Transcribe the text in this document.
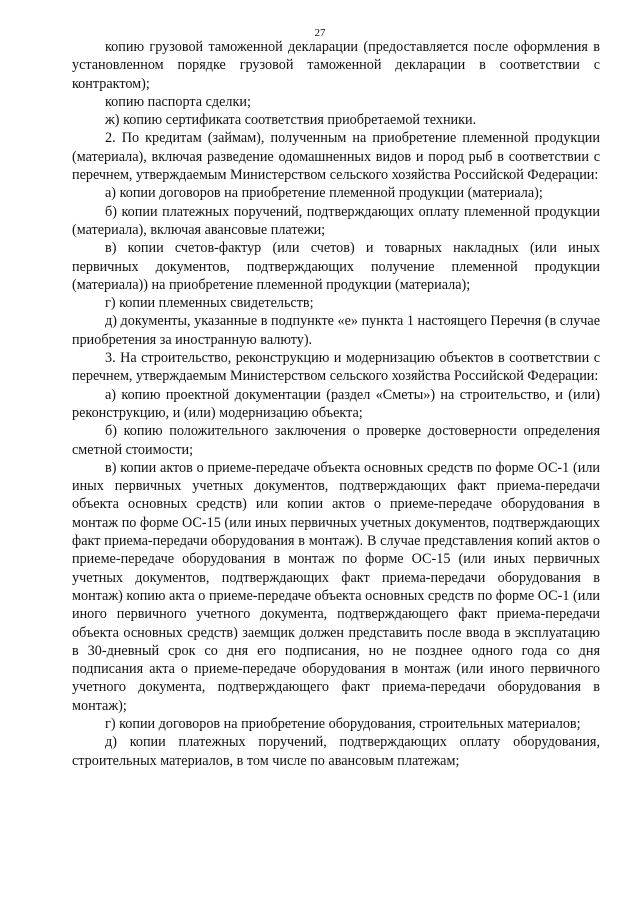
27

копию грузовой таможенной декларации (предоставляется после оформления в установленном порядке грузовой таможенной декларации в соответствии с контрактом);

копию паспорта сделки;

ж) копию сертификата соответствия приобретаемой техники.

2. По кредитам (займам), полученным на приобретение племенной продукции (материала), включая разведение одомашненных видов и пород рыб в соответствии с перечнем, утверждаемым Министерством сельского хозяйства Российской Федерации:

а) копии договоров на приобретение племенной продукции (материала);

б) копии платежных поручений, подтверждающих оплату племенной продукции (материала), включая авансовые платежи;

в) копии счетов-фактур (или счетов) и товарных накладных (или иных первичных документов, подтверждающих получение племенной продукции (материала)) на приобретение племенной продукции (материала);

г) копии племенных свидетельств;

д) документы, указанные в подпункте «е» пункта 1 настоящего Перечня (в случае приобретения за иностранную валюту).

3. На строительство, реконструкцию и модернизацию объектов в соответствии с перечнем, утверждаемым Министерством сельского хозяйства Российской Федерации:

а) копию проектной документации (раздел «Сметы») на строительство, и (или) реконструкцию, и (или) модернизацию объекта;

б) копию положительного заключения о проверке достоверности определения сметной стоимости;

в) копии актов о приеме-передаче объекта основных средств по форме ОС-1 (или иных первичных учетных документов, подтверждающих факт приема-передачи объекта основных средств) или копии актов о приеме-передаче оборудования в монтаж по форме ОС-15 (или иных первичных учетных документов, подтверждающих факт приема-передачи оборудования в монтаж). В случае представления копий актов о приеме-передаче оборудования в монтаж по форме ОС-15 (или иных первичных учетных документов, подтверждающих факт приема-передачи оборудования в монтаж) копию акта о приеме-передаче объекта основных средств по форме ОС-1 (или иного первичного учетного документа, подтверждающего факт приема-передачи объекта основных средств) заемщик должен представить после ввода в эксплуатацию в 30-дневный срок со дня его подписания, но не позднее одного года со дня подписания акта о приеме-передаче оборудования в монтаж (или иного первичного учетного документа, подтверждающего факт приема-передачи оборудования в монтаж);

г) копии договоров на приобретение оборудования, строительных материалов;

д) копии платежных поручений, подтверждающих оплату оборудования, строительных материалов, в том числе по авансовым платежам;
